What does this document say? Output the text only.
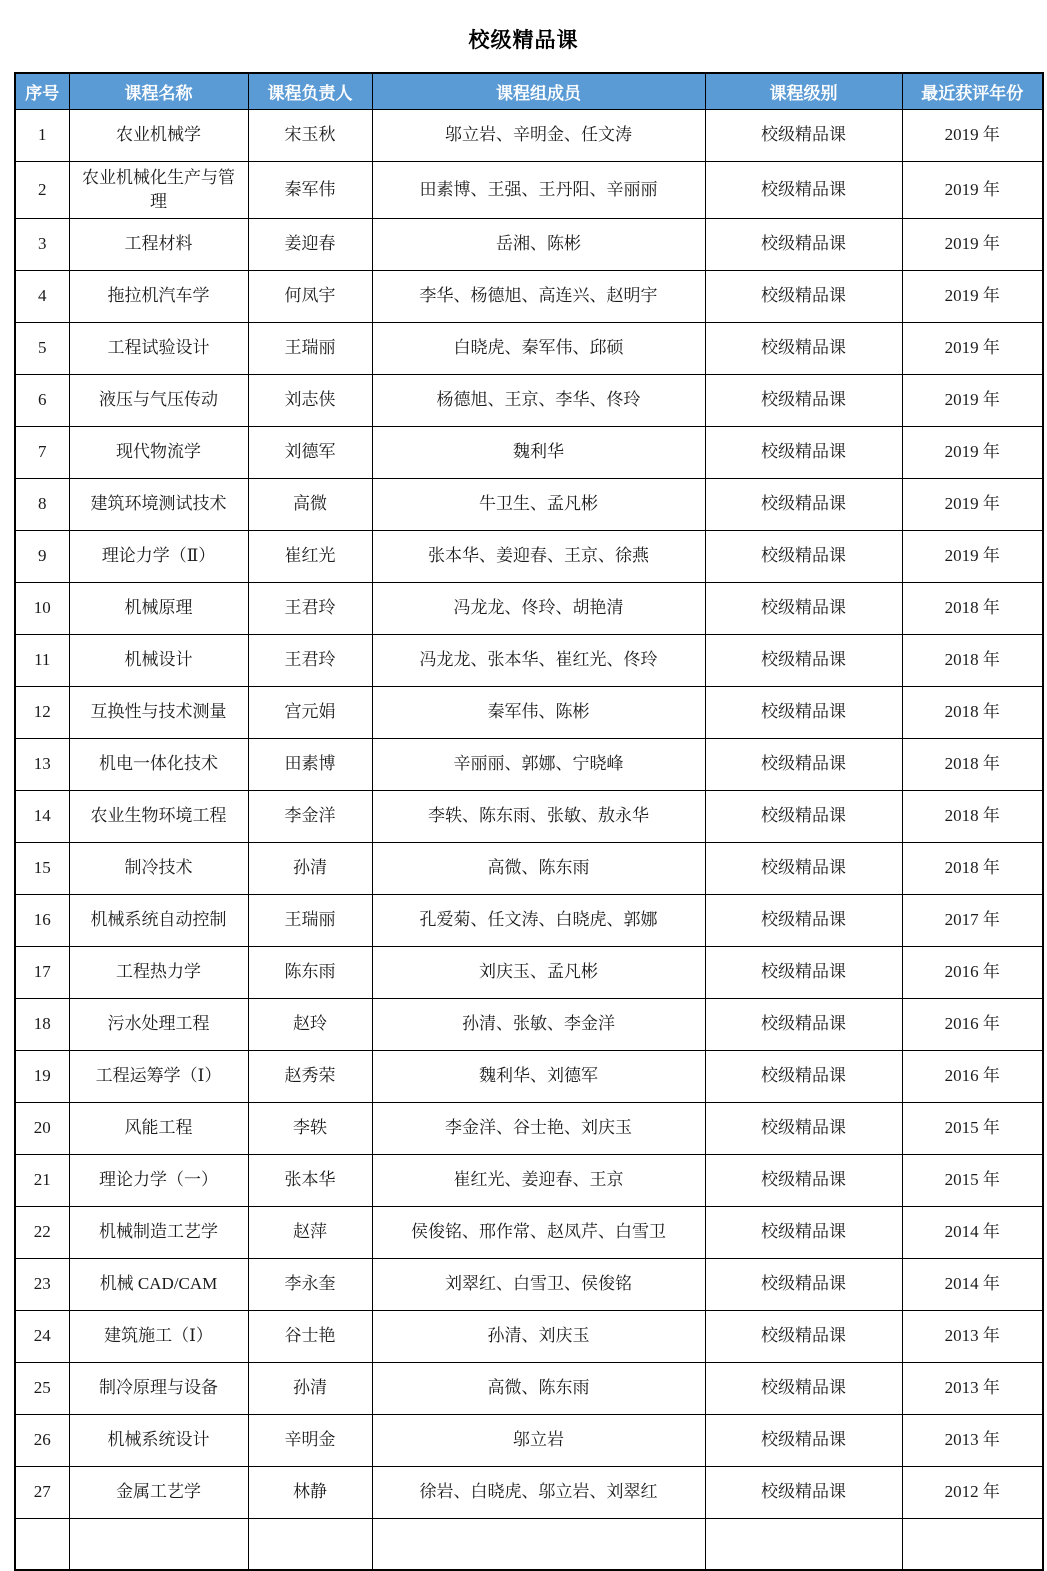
校级精品课
序号	课程名称	课程负责人	课程组成员	课程级别	最近获评年份
1	农业机械学	宋玉秋	邬立岩、辛明金、任文涛	校级精品课	2019 年
2	农业机械化生产与管理	秦军伟	田素博、王强、王丹阳、辛丽丽	校级精品课	2019 年
3	工程材料	姜迎春	岳湘、陈彬	校级精品课	2019 年
4	拖拉机汽车学	何凤宇	李华、杨德旭、高连兴、赵明宇	校级精品课	2019 年
5	工程试验设计	王瑞丽	白晓虎、秦军伟、邱硕	校级精品课	2019 年
6	液压与气压传动	刘志侠	杨德旭、王京、李华、佟玲	校级精品课	2019 年
7	现代物流学	刘德军	魏利华	校级精品课	2019 年
8	建筑环境测试技术	高微	牛卫生、孟凡彬	校级精品课	2019 年
9	理论力学（Ⅱ）	崔红光	张本华、姜迎春、王京、徐燕	校级精品课	2019 年
10	机械原理	王君玲	冯龙龙、佟玲、胡艳清	校级精品课	2018 年
11	机械设计	王君玲	冯龙龙、张本华、崔红光、佟玲	校级精品课	2018 年
12	互换性与技术测量	宫元娟	秦军伟、陈彬	校级精品课	2018 年
13	机电一体化技术	田素博	辛丽丽、郭娜、宁晓峰	校级精品课	2018 年
14	农业生物环境工程	李金洋	李轶、陈东雨、张敏、敖永华	校级精品课	2018 年
15	制冷技术	孙清	高微、陈东雨	校级精品课	2018 年
16	机械系统自动控制	王瑞丽	孔爱菊、任文涛、白晓虎、郭娜	校级精品课	2017 年
17	工程热力学	陈东雨	刘庆玉、孟凡彬	校级精品课	2016 年
18	污水处理工程	赵玲	孙清、张敏、李金洋	校级精品课	2016 年
19	工程运筹学（Ⅰ）	赵秀荣	魏利华、刘德军	校级精品课	2016 年
20	风能工程	李轶	李金洋、谷士艳、刘庆玉	校级精品课	2015 年
21	理论力学（一）	张本华	崔红光、姜迎春、王京	校级精品课	2015 年
22	机械制造工艺学	赵萍	侯俊铭、邢作常、赵凤芹、白雪卫	校级精品课	2014 年
23	机械 CAD/CAM	李永奎	刘翠红、白雪卫、侯俊铭	校级精品课	2014 年
24	建筑施工（Ⅰ）	谷士艳	孙清、刘庆玉	校级精品课	2013 年
25	制冷原理与设备	孙清	高微、陈东雨	校级精品课	2013 年
26	机械系统设计	辛明金	邬立岩	校级精品课	2013 年
27	金属工艺学	林静	徐岩、白晓虎、邬立岩、刘翠红	校级精品课	2012 年
